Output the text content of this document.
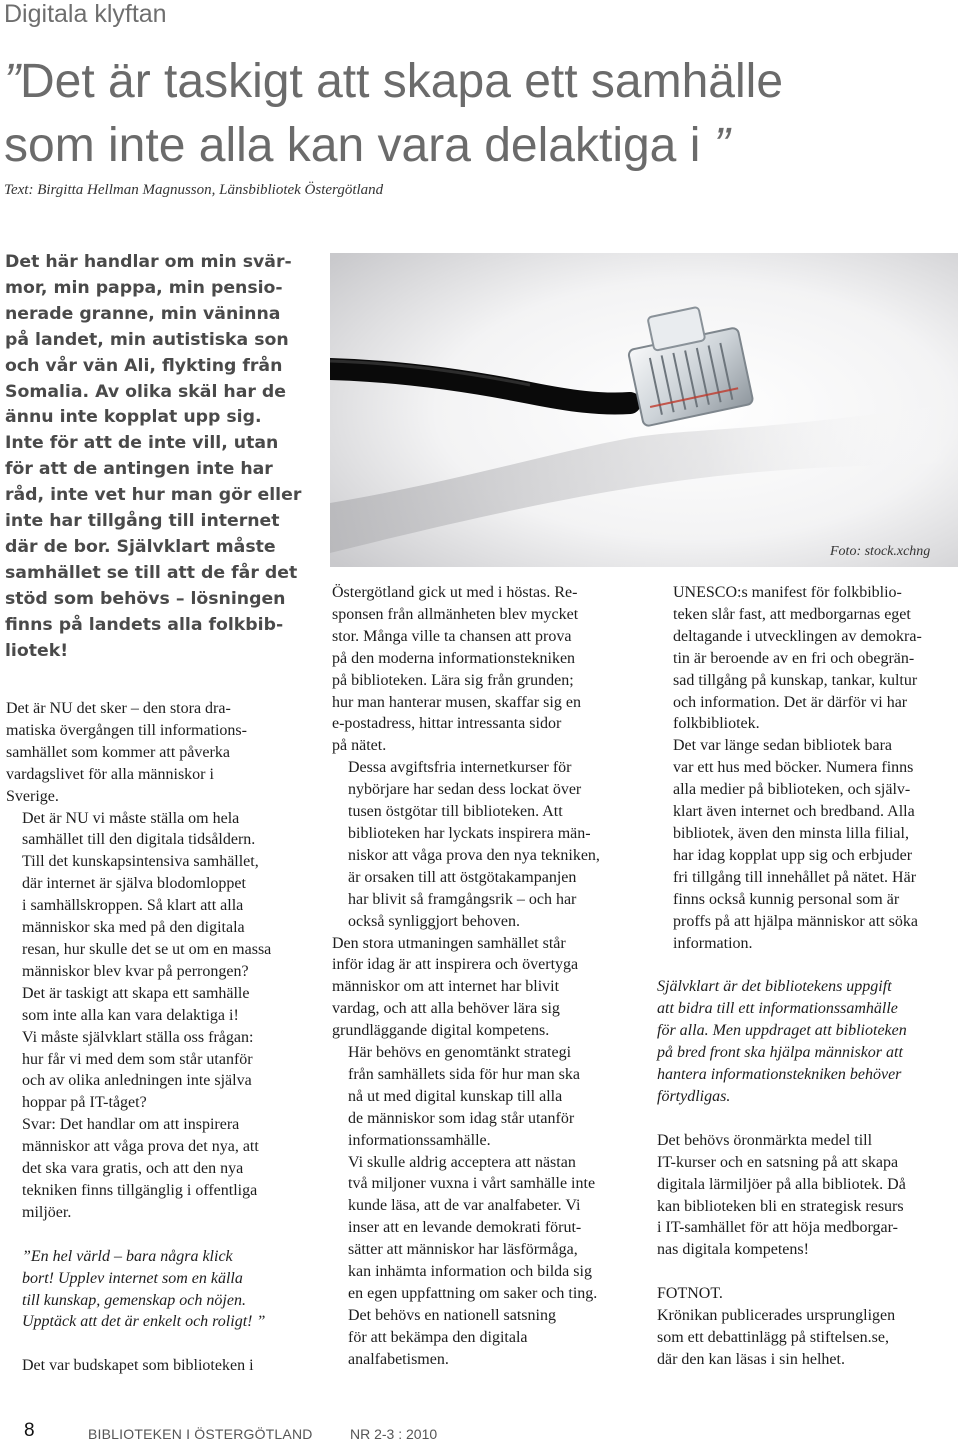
Digitala klyftan
”Det är taskigt att skapa ett samhälle
som inte alla kan vara delaktiga i ”
Text: Birgitta Hellman Magnusson, Länsbibliotek Östergötland
Det här handlar om min svär-
mor, min pappa, min pensio-
nerade granne, min väninna
på landet, min autistiska son
och vår vän Ali, flykting från
Somalia. Av olika skäl har de
ännu inte kopplat upp sig.
Inte för att de inte vill, utan
för att de antingen inte har
råd, inte vet hur man gör eller
inte har tillgång till internet
där de bor. Självklart måste
samhället se till att de får det
stöd som behövs – lösningen
finns på landets alla folkbib-
liotek!
Foto: stock.xchng
Det är NU det sker – den stora dra-
matiska övergången till informations-
samhället som kommer att påverka
vardagslivet för alla människor i
Sverige.
Det är NU vi måste ställa om hela
samhället till den digitala tidsåldern.
Till det kunskapsintensiva samhället,
där internet är själva blodomloppet
i samhällskroppen. Så klart att alla
människor ska med på den digitala
resan, hur skulle det se ut om en massa
människor blev kvar på perrongen?
Det är taskigt att skapa ett samhälle
som inte alla kan vara delaktiga i!
Vi måste självklart ställa oss frågan:
hur får vi med dem som står utanför
och av olika anledningen inte själva
hoppar på IT-tåget?
Svar: Det handlar om att inspirera
människor att våga prova det nya, att
det ska vara gratis, och att den nya
tekniken finns tillgänglig i offentliga
miljöer.
”En hel värld – bara några klick
bort! Upplev internet som en källa
till kunskap, gemenskap och nöjen.
Upptäck att det är enkelt och roligt! ”
Det var budskapet som biblioteken i
Östergötland gick ut med i höstas. Re-
sponsen från allmänheten blev mycket
stor. Många ville ta chansen att prova
på den moderna informationstekniken
på biblioteken. Lära sig från grunden;
hur man hanterar musen, skaffar sig en
e-postadress, hittar intressanta sidor
på nätet.
Dessa avgiftsfria internetkurser för
nybörjare har sedan dess lockat över
tusen östgötar till biblioteken. Att
biblioteken har lyckats inspirera män-
niskor att våga prova den nya tekniken,
är orsaken till att östgötakampanjen
har blivit så framgångsrik – och har
också synliggjort behoven.
Den stora utmaningen samhället står
inför idag är att inspirera och övertyga
människor om att internet har blivit
vardag, och att alla behöver lära sig
grundläggande digital kompetens.
Här behövs en genomtänkt strategi
från samhällets sida för hur man ska
nå ut med digital kunskap till alla
de människor som idag står utanför
informationssamhälle.
Vi skulle aldrig acceptera att nästan
två miljoner vuxna i vårt samhälle inte
kunde läsa, att de var analfabeter. Vi
inser att en levande demokrati förut-
sätter att människor har läsförmåga,
kan inhämta information och bilda sig
en egen uppfattning om saker och ting.
Det behövs en nationell satsning
för att bekämpa den digitala
analfabetismen.
UNESCO:s manifest för folkbiblio-
teken slår fast, att medborgarnas eget
deltagande i utvecklingen av demokra-
tin är beroende av en fri och obegrän-
sad tillgång på kunskap, tankar, kultur
och information. Det är därför vi har
folkbibliotek.
Det var länge sedan bibliotek bara
var ett hus med böcker. Numera finns
alla medier på biblioteken, och själv-
klart även internet och bredband. Alla
bibliotek, även den minsta lilla filial,
har idag kopplat upp sig och erbjuder
fri tillgång till innehållet på nätet. Här
finns också kunnig personal som är
proffs på att hjälpa människor att söka
information.
Självklart är det bibliotekens uppgift
att bidra till ett informationssamhälle
för alla. Men uppdraget att biblioteken
på bred front ska hjälpa människor att
hantera informationstekniken behöver
förtydligas.
Det behövs öronmärkta medel till
IT-kurser och en satsning på att skapa
digitala lärmiljöer på alla bibliotek. Då
kan biblioteken bli en strategisk resurs
i IT-samhället för att höja medborgar-
nas digitala kompetens!
FOTNOT.
Krönikan publicerades ursprungligen
som ett debattinlägg på stiftelsen.se,
där den kan läsas i sin helhet.
8	BIBLIOTEKEN I ÖSTERGÖTLAND	NR 2-3 : 2010
